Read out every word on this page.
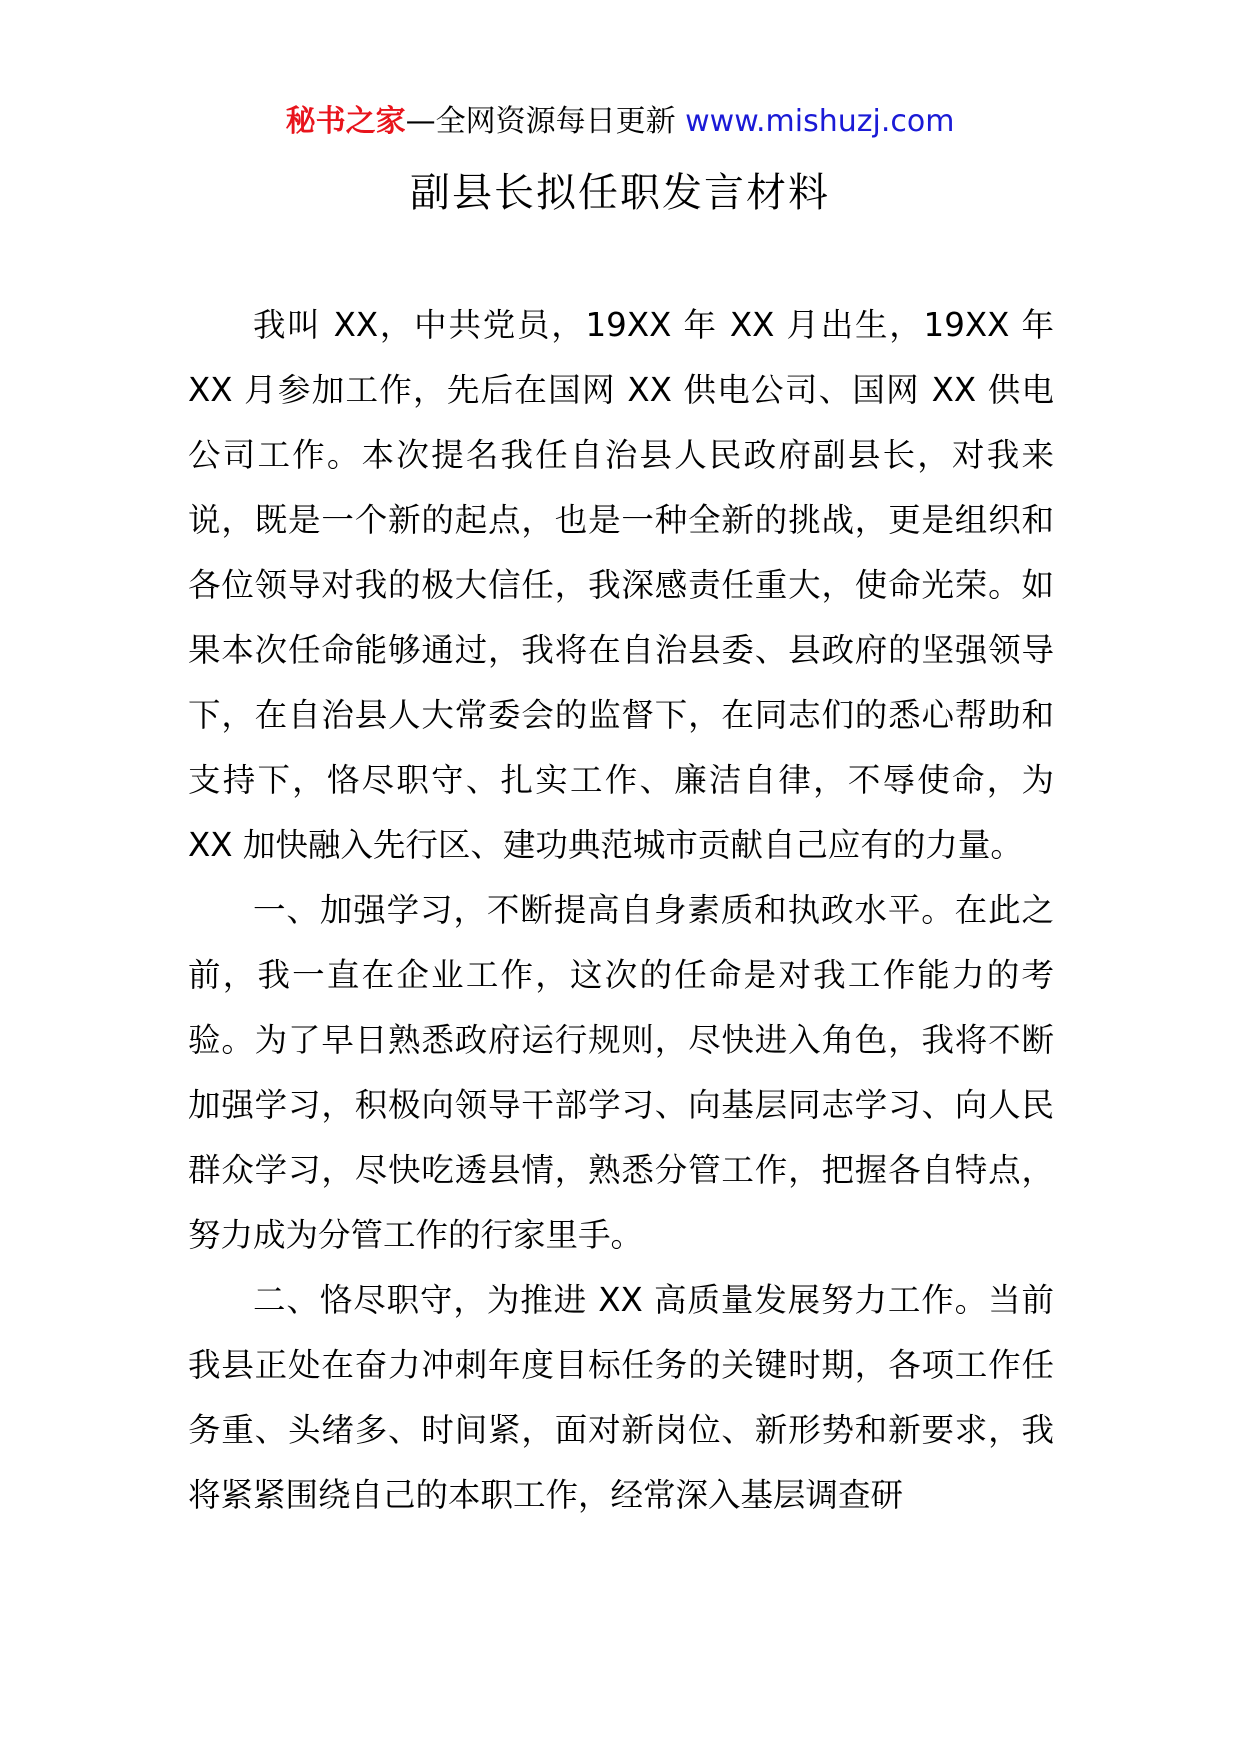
秘书之家—全网资源每日更新 www.mishuzj.com
副县长拟任职发言材料

我叫 XX，中共党员，19XX 年 XX 月出生，19XX 年 XX 月参加工作，先后在国网 XX 供电公司、国网 XX 供电公司工作。本次提名我任自治县人民政府副县长，对我来说，既是一个新的起点，也是一种全新的挑战，更是组织和各位领导对我的极大信任，我深感责任重大，使命光荣。如果本次任命能够通过，我将在自治县委、县政府的坚强领导下，在自治县人大常委会的监督下，在同志们的悉心帮助和支持下，恪尽职守、扎实工作、廉洁自律，不辱使命，为 XX 加快融入先行区、建功典范城市贡献自己应有的力量。

一、加强学习，不断提高自身素质和执政水平。在此之前，我一直在企业工作，这次的任命是对我工作能力的考验。为了早日熟悉政府运行规则，尽快进入角色，我将不断加强学习，积极向领导干部学习、向基层同志学习、向人民群众学习，尽快吃透县情，熟悉分管工作，把握各自特点，努力成为分管工作的行家里手。

二、恪尽职守，为推进 XX 高质量发展努力工作。当前我县正处在奋力冲刺年度目标任务的关键时期，各项工作任务重、头绪多、时间紧，面对新岗位、新形势和新要求，我将紧紧围绕自己的本职工作，经常深入基层调查研
